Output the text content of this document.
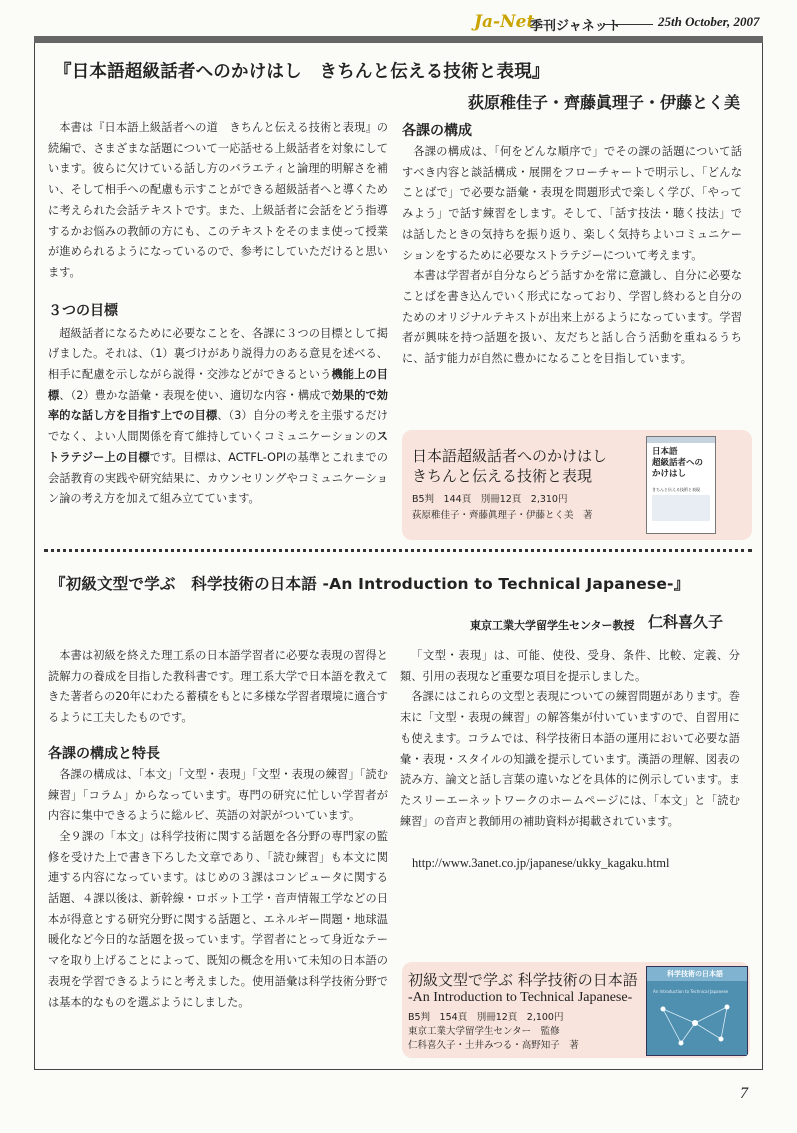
Ja-Net
季刊ジャネット	25th October, 2007
『日本語超級話者へのかけはし　きちんと伝える技術と表現』
荻原稚佳子・齊藤眞理子・伊藤とく美

本書は『日本語上級話者への道　きちんと伝える技術と表現』の続編で、さまざまな話題について一応話せる上級話者を対象にしています。彼らに欠けている話し方のバラエティと論理的明解さを補い、そして相手への配慮も示すことができる超級話者へと導くために考えられた会話テキストです。また、上級話者に会話をどう指導するかお悩みの教師の方にも、このテキストをそのまま使って授業が進められるようになっているので、参考にしていただけると思います。

３つの目標

超級話者になるために必要なことを、各課に３つの目標として掲げました。それは、（1）裏づけがあり説得力のある意見を述べる、相手に配慮を示しながら説得・交渉などができるという機能上の目標、（2）豊かな語彙・表現を使い、適切な内容・構成で効果的で効率的な話し方を目指す上での目標、（3）自分の考えを主張するだけでなく、よい人間関係を育て維持していくコミュニケーションのストラテジー上の目標です。目標は、ACTFL-OPIの基準とこれまでの会話教育の実践や研究結果に、カウンセリングやコミュニケーション論の考え方を加えて組み立てています。

各課の構成

各課の構成は、「何をどんな順序で」でその課の話題について話すべき内容と談話構成・展開をフローチャートで明示し、「どんなことばで」で必要な語彙・表現を問題形式で楽しく学び、「やってみよう」で話す練習をします。そして、「話す技法・聴く技法」では話したときの気持ちを振り返り、楽しく気持ちよいコミュニケーションをするために必要なストラテジーについて考えます。

本書は学習者が自分ならどう話すかを常に意識し、自分に必要なことばを書き込んでいく形式になっており、学習し終わると自分のためのオリジナルテキストが出来上がるようになっています。学習者が興味を持つ話題を扱い、友だちと話し合う活動を重ねるうちに、話す能力が自然に豊かになることを目指しています。

日本語超級話者へのかけはし
きちんと伝える技術と表現
B5判　144頁　別冊12頁　2,310円
荻原稚佳子・齊藤眞理子・伊藤とく美　著
日本語
超級話者への
かけはし
きちんと伝える技術と表現
『初級文型で学ぶ　科学技術の日本語 -An Introduction to Technical Japanese-』
東京工業大学留学生センター教授 仁科喜久子

本書は初級を終えた理工系の日本語学習者に必要な表現の習得と読解力の養成を目指した教科書です。理工系大学で日本語を教えてきた著者らの20年にわたる蓄積をもとに多様な学習者環境に適合するように工夫したものです。

各課の構成と特長

各課の構成は、「本文」「文型・表現」「文型・表現の練習」「読む練習」「コラム」からなっています。専門の研究に忙しい学習者が内容に集中できるように総ルビ、英語の対訳がついています。

全９課の「本文」は科学技術に関する話題を各分野の専門家の監修を受けた上で書き下ろした文章であり、「読む練習」も本文に関連する内容になっています。はじめの３課はコンピュータに関する話題、４課以後は、新幹線・ロボット工学・音声情報工学などの日本が得意とする研究分野に関する話題と、エネルギー問題・地球温暖化など今日的な話題を扱っています。学習者にとって身近なテーマを取り上げることによって、既知の概念を用いて未知の日本語の表現を学習できるようにと考えました。使用語彙は科学技術分野では基本的なものを選ぶようにしました。

「文型・表現」は、可能、使役、受身、条件、比較、定義、分類、引用の表現など重要な項目を提示しました。

各課にはこれらの文型と表現についての練習問題があります。巻末に「文型・表現の練習」の解答集が付いていますので、自習用にも使えます。コラムでは、科学技術日本語の運用において必要な語彙・表現・スタイルの知識を提示しています。漢語の理解、図表の読み方、論文と話し言葉の違いなどを具体的に例示しています。またスリーエーネットワークのホームページには、「本文」と「読む練習」の音声と教師用の補助資料が掲載されています。

http://www.3anet.co.jp/japanese/ukky_kagaku.html
初級文型で学ぶ 科学技術の日本語
-An Introduction to Technical Japanese-
B5判　154頁　別冊12頁　2,100円
東京工業大学留学生センター　監修
仁科喜久子・土井みつる・高野知子　著
科学技術の日本語
An Introduction to Technical Japanese
7
